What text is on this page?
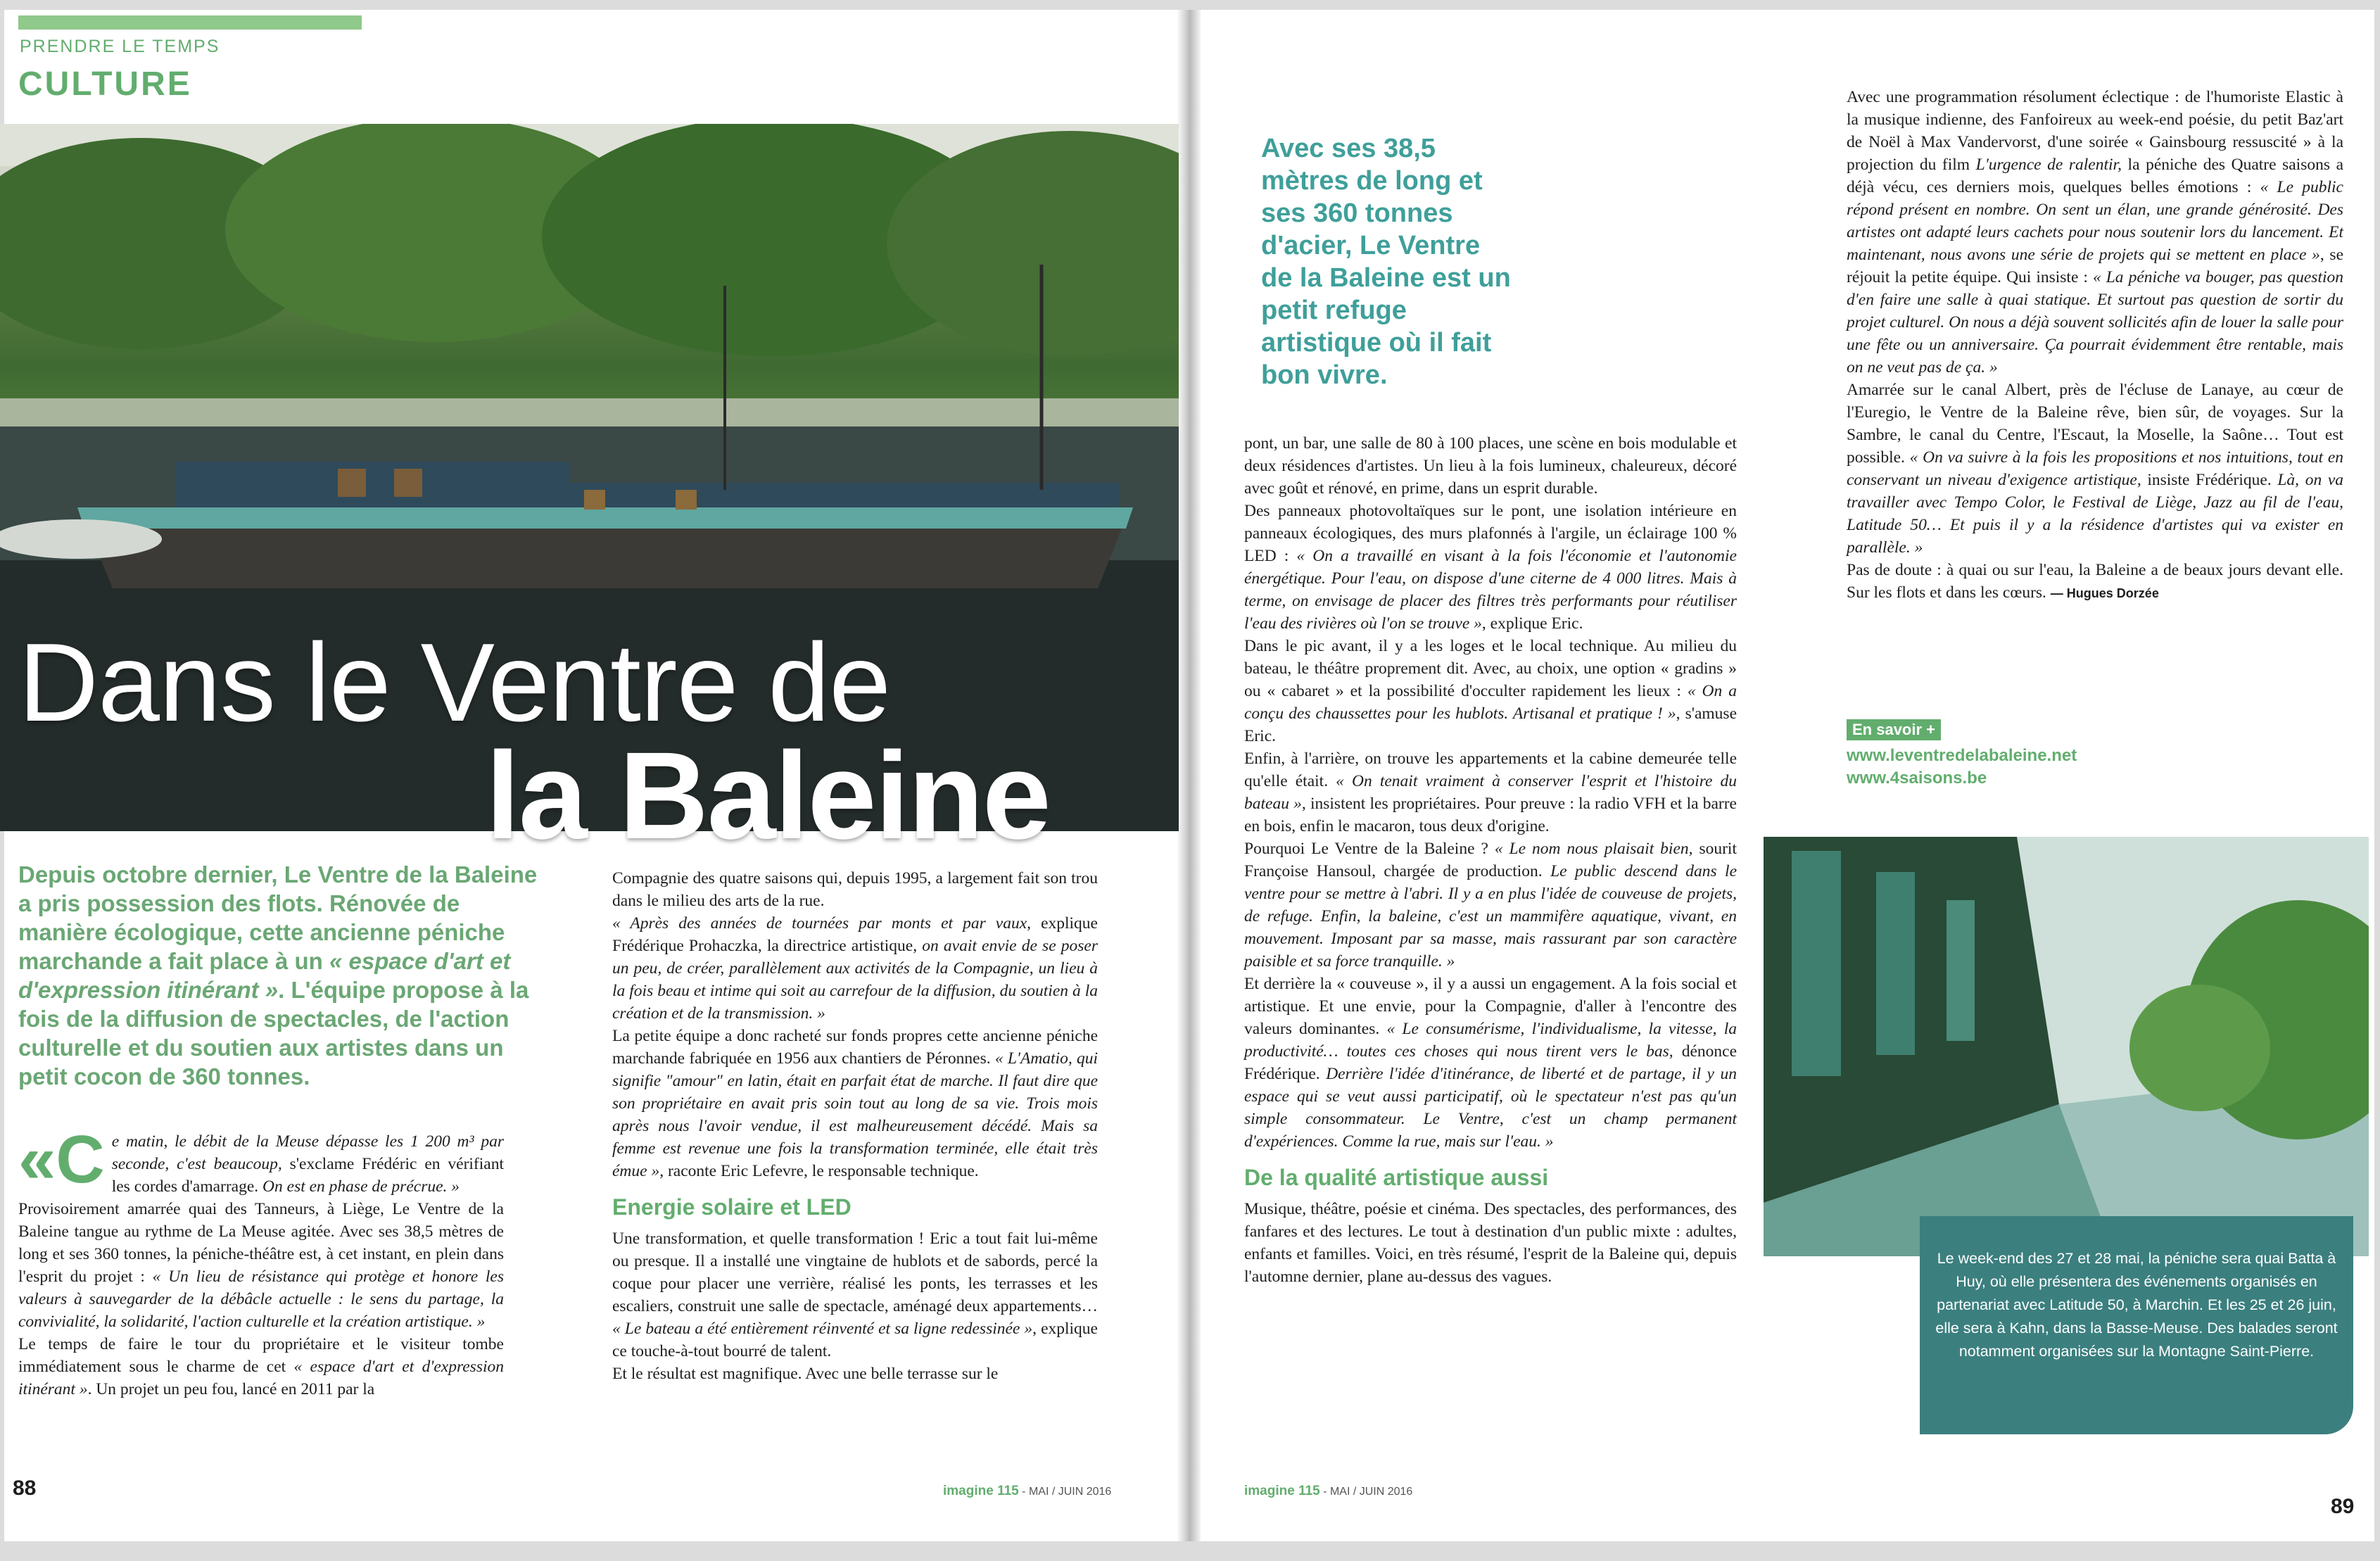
PRENDRE LE TEMPS
CULTURE
Dans le Ventre de
la Baleine
Depuis octobre dernier, Le Ventre de la Baleine a pris possession des flots. Rénovée de manière écologique, cette ancienne péniche marchande a fait place à un « espace d'art et d'expression itinérant ». L'équipe propose à la fois de la diffusion de spectacles, de l'action culturelle et du soutien aux artistes dans un petit cocon de 360 tonnes.

«Ce matin, le débit de la Meuse dépasse les 1 200 m³ par seconde, c'est beaucoup, s'exclame Frédéric en vérifiant les cordes d'amarrage. On est en phase de précrue. »

Provisoirement amarrée quai des Tanneurs, à Liège, Le Ventre de la Baleine tangue au rythme de La Meuse agitée. Avec ses 38,5 mètres de long et ses 360 tonnes, la péniche-théâtre est, à cet instant, en plein dans l'esprit du projet : « Un lieu de résistance qui protège et honore les valeurs à sauvegarder de la débâcle actuelle : le sens du partage, la convivialité, la solidarité, l'action culturelle et la création artistique. »

Le temps de faire le tour du propriétaire et le visiteur tombe immédiatement sous le charme de cet « espace d'art et d'expression itinérant ». Un projet un peu fou, lancé en 2011 par la

Compagnie des quatre saisons qui, depuis 1995, a largement fait son trou dans le milieu des arts de la rue.

« Après des années de tournées par monts et par vaux, explique Frédérique Prohaczka, la directrice artistique, on avait envie de se poser un peu, de créer, parallèlement aux activités de la Compagnie, un lieu à la fois beau et intime qui soit au carrefour de la diffusion, du soutien à la création et de la transmission. »

La petite équipe a donc racheté sur fonds propres cette ancienne péniche marchande fabriquée en 1956 aux chantiers de Péronnes. « L'Amatio, qui signifie "amour" en latin, était en parfait état de marche. Il faut dire que son propriétaire en avait pris soin tout au long de sa vie. Trois mois après nous l'avoir vendue, il est malheureusement décédé. Mais sa femme est revenue une fois la transformation terminée, elle était très émue », raconte Eric Lefevre, le responsable technique.

Energie solaire et LED

Une transformation, et quelle transformation ! Eric a tout fait lui-même ou presque. Il a installé une vingtaine de hublots et de sabords, percé la coque pour placer une verrière, réalisé les ponts, les terrasses et les escaliers, construit une salle de spectacle, aménagé deux appartements… « Le bateau a été entièrement réinventé et sa ligne redessinée », explique ce touche-à-tout bourré de talent.

Et le résultat est magnifique. Avec une belle terrasse sur le

88	imagine 115 - MAI / JUIN 2016
Avec ses 38,5 mètres de long et ses 360 tonnes d'acier, Le Ventre de la Baleine est un petit refuge artistique où il fait bon vivre.

pont, un bar, une salle de 80 à 100 places, une scène en bois modulable et deux résidences d'artistes. Un lieu à la fois lumineux, chaleureux, décoré avec goût et rénové, en prime, dans un esprit durable.

Des panneaux photovoltaïques sur le pont, une isolation intérieure en panneaux écologiques, des murs plafonnés à l'argile, un éclairage 100 % LED : « On a travaillé en visant à la fois l'économie et l'autonomie énergétique. Pour l'eau, on dispose d'une citerne de 4 000 litres. Mais à terme, on envisage de placer des filtres très performants pour réutiliser l'eau des rivières où l'on se trouve », explique Eric.

Dans le pic avant, il y a les loges et le local technique. Au milieu du bateau, le théâtre proprement dit. Avec, au choix, une option « gradins » ou « cabaret » et la possibilité d'occulter rapidement les lieux : « On a conçu des chaussettes pour les hublots. Artisanal et pratique ! », s'amuse Eric.

Enfin, à l'arrière, on trouve les appartements et la cabine demeurée telle qu'elle était. « On tenait vraiment à conserver l'esprit et l'histoire du bateau », insistent les propriétaires. Pour preuve : la radio VFH et la barre en bois, enfin le macaron, tous deux d'origine.

Pourquoi Le Ventre de la Baleine ? « Le nom nous plaisait bien, sourit Françoise Hansoul, chargée de production. Le public descend dans le ventre pour se mettre à l'abri. Il y a en plus l'idée de couveuse de projets, de refuge. Enfin, la baleine, c'est un mammifère aquatique, vivant, en mouvement. Imposant par sa masse, mais rassurant par son caractère paisible et sa force tranquille. »

Et derrière la « couveuse », il y a aussi un engagement. A la fois social et artistique. Et une envie, pour la Compagnie, d'aller à l'encontre des valeurs dominantes. « Le consumérisme, l'individualisme, la vitesse, la productivité… toutes ces choses qui nous tirent vers le bas, dénonce Frédérique. Derrière l'idée d'itinérance, de liberté et de partage, il y un espace qui se veut aussi participatif, où le spectateur n'est pas qu'un simple consommateur. Le Ventre, c'est un champ permanent d'expériences. Comme la rue, mais sur l'eau. »

De la qualité artistique aussi

Musique, théâtre, poésie et cinéma. Des spectacles, des performances, des fanfares et des lectures. Le tout à destination d'un public mixte : adultes, enfants et familles. Voici, en très résumé, l'esprit de la Baleine qui, depuis l'automne dernier, plane au-dessus des vagues.

Avec une programmation résolument éclectique : de l'humoriste Elastic à la musique indienne, des Fanfoireux au week-end poésie, du petit Baz'art de Noël à Max Vandervorst, d'une soirée « Gainsbourg ressuscité » à la projection du film L'urgence de ralentir, la péniche des Quatre saisons a déjà vécu, ces derniers mois, quelques belles émotions : « Le public répond présent en nombre. On sent un élan, une grande générosité. Des artistes ont adapté leurs cachets pour nous soutenir lors du lancement. Et maintenant, nous avons une série de projets qui se mettent en place », se réjouit la petite équipe. Qui insiste : « La péniche va bouger, pas question d'en faire une salle à quai statique. Et surtout pas question de sortir du projet culturel. On nous a déjà souvent sollicités afin de louer la salle pour une fête ou un anniversaire. Ça pourrait évidemment être rentable, mais on ne veut pas de ça. »

Amarrée sur le canal Albert, près de l'écluse de Lanaye, au cœur de l'Euregio, le Ventre de la Baleine rêve, bien sûr, de voyages. Sur la Sambre, le canal du Centre, l'Escaut, la Moselle, la Saône… Tout est possible. « On va suivre à la fois les propositions et nos intuitions, tout en conservant un niveau d'exigence artistique, insiste Frédérique. Là, on va travailler avec Tempo Color, le Festival de Liège, Jazz au fil de l'eau, Latitude 50… Et puis il y a la résidence d'artistes qui va exister en parallèle. »

Pas de doute : à quai ou sur l'eau, la Baleine a de beaux jours devant elle. Sur les flots et dans les cœurs. — Hugues Dorzée

En savoir +
www.leventredelabaleine.net
www.4saisons.be
Le week-end des 27 et 28 mai, la péniche sera quai Batta à Huy, où elle présentera des événements organisés en partenariat avec Latitude 50, à Marchin. Et les 25 et 26 juin, elle sera à Kahn, dans la Basse-Meuse. Des balades seront notamment organisées sur la Montagne Saint-Pierre.
imagine 115 - MAI / JUIN 2016
89
